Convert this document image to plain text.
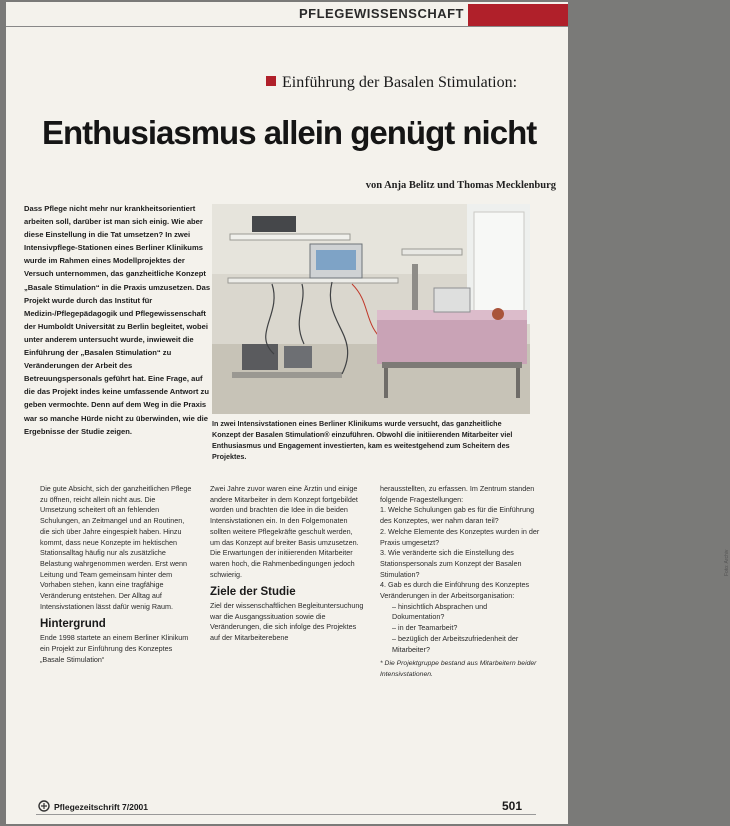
PFLEGEWISSENSCHAFT
Einführung der Basalen Stimulation:
Enthusiasmus allein genügt nicht
von Anja Belitz und Thomas Mecklenburg

Dass Pflege nicht mehr nur krankheitsorientiert arbeiten soll, darüber ist man sich einig. Wie aber diese Einstellung in die Tat umsetzen? In zwei Intensivpflege-Stationen eines Berliner Klinikums wurde im Rahmen eines Modellprojektes der Versuch unternommen, das ganzheitliche Konzept „Basale Stimulation“ in die Praxis umzusetzen. Das Projekt wurde durch das Institut für Medizin-/Pflegepädagogik und Pflegewissenschaft der Humboldt Universität zu Berlin begleitet, wobei unter anderem untersucht wurde, inwieweit die Einführung der „Basalen Stimulation“ zu Veränderungen der Arbeit des Betreuungspersonals geführt hat. Eine Frage, auf die das Projekt indes keine umfassende Antwort zu geben vermochte. Denn auf dem Weg in die Praxis war so manche Hürde nicht zu überwinden, wie die Ergebnisse der Studie zeigen.

Foto: Archiv

In zwei Intensivstationen eines Berliner Klinikums wurde versucht, das ganzheitliche Konzept der Basalen Stimulation® einzuführen. Obwohl die initiierenden Mitarbeiter viel Enthusiasmus und Engagement investierten, kam es weitestgehend zum Scheitern des Projektes.

Die gute Absicht, sich der ganzheitlichen Pflege zu öffnen, reicht allein nicht aus. Die Umsetzung scheitert oft an fehlenden Schulungen, an Zeitmangel und an Routinen, die sich über Jahre eingespielt haben. Hinzu kommt, dass neue Konzepte im hektischen Stationsalltag häufig nur als zusätzliche Belastung wahrgenommen werden. Erst wenn Leitung und Team gemeinsam hinter dem Vorhaben stehen, kann eine tragfähige Veränderung entstehen. Der Alltag auf Intensivstationen lässt dafür wenig Raum.

Hintergrund

Ende 1998 startete an einem Berliner Klinikum ein Projekt zur Einführung des Konzeptes „Basale Stimulation“

Zwei Jahre zuvor waren eine Ärztin und einige andere Mitarbeiter in dem Konzept fortgebildet worden und brachten die Idee in die beiden Intensivstationen ein. In den Folgemonaten sollten weitere Pflegekräfte geschult werden, um das Konzept auf breiter Basis umzusetzen. Die Erwartungen der initiierenden Mitarbeiter waren hoch, die Rahmenbedingungen jedoch schwierig.

Ziele der Studie

Ziel der wissenschaftlichen Begleituntersuchung war die Ausgangssituation sowie die Veränderungen, die sich infolge des Projektes auf der Mitarbeiterebene

herausstellten, zu erfassen. Im Zentrum standen folgende Fragestellungen:

1. Welche Schulungen gab es für die Einführung des Konzeptes, wer nahm daran teil?
2. Welche Elemente des Konzeptes wurden in der Praxis umgesetzt?
3. Wie veränderte sich die Einstellung des Stationspersonals zum Konzept der Basalen Stimulation?
4. Gab es durch die Einführung des Konzeptes Veränderungen in der Arbeitsorganisation:
– hinsichtlich Absprachen und Dokumentation?
– in der Teamarbeit?
– bezüglich der Arbeitszufriedenheit der Mitarbeiter?

* Die Projektgruppe bestand aus Mitarbeitern beider Intensivstationen.

Pflegezeitschrift 7/2001	501
